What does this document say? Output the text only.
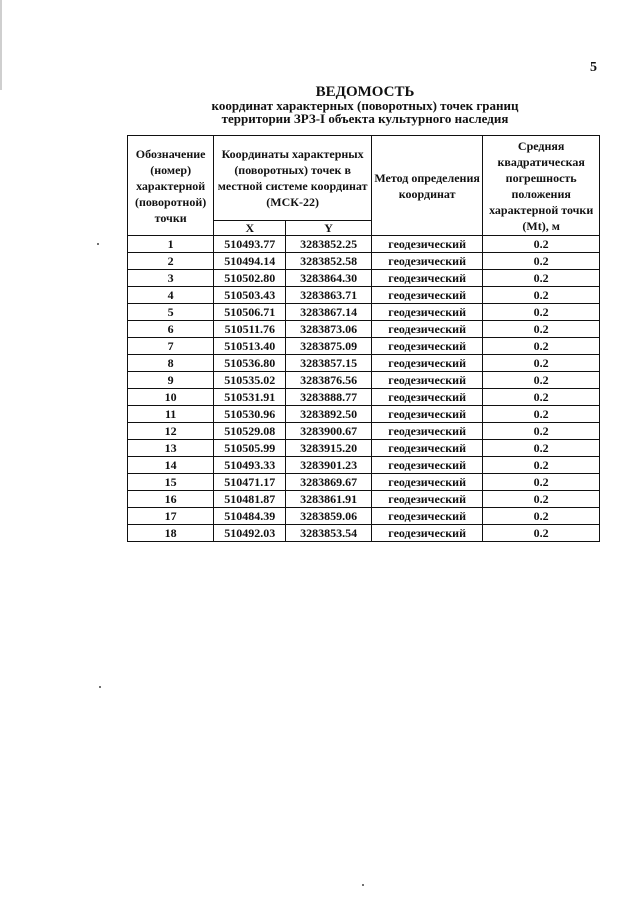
5
ВЕДОМОСТЬ
координат характерных (поворотных) точек границ
территории ЗРЗ-I объекта культурного наследия
Обозначение (номер) характерной (поворотной) точки	Координаты характерных (поворотных) точек в местной системе координат (МСК-22)		Метод определения координат	Средняя квадратическая погрешность положения характерной точки (Mt), м
	X	Y		
1	510493.77	3283852.25	геодезический	0.2
2	510494.14	3283852.58	геодезический	0.2
3	510502.80	3283864.30	геодезический	0.2
4	510503.43	3283863.71	геодезический	0.2
5	510506.71	3283867.14	геодезический	0.2
6	510511.76	3283873.06	геодезический	0.2
7	510513.40	3283875.09	геодезический	0.2
8	510536.80	3283857.15	геодезический	0.2
9	510535.02	3283876.56	геодезический	0.2
10	510531.91	3283888.77	геодезический	0.2
11	510530.96	3283892.50	геодезический	0.2
12	510529.08	3283900.67	геодезический	0.2
13	510505.99	3283915.20	геодезический	0.2
14	510493.33	3283901.23	геодезический	0.2
15	510471.17	3283869.67	геодезический	0.2
16	510481.87	3283861.91	геодезический	0.2
17	510484.39	3283859.06	геодезический	0.2
18	510492.03	3283853.54	геодезический	0.2
